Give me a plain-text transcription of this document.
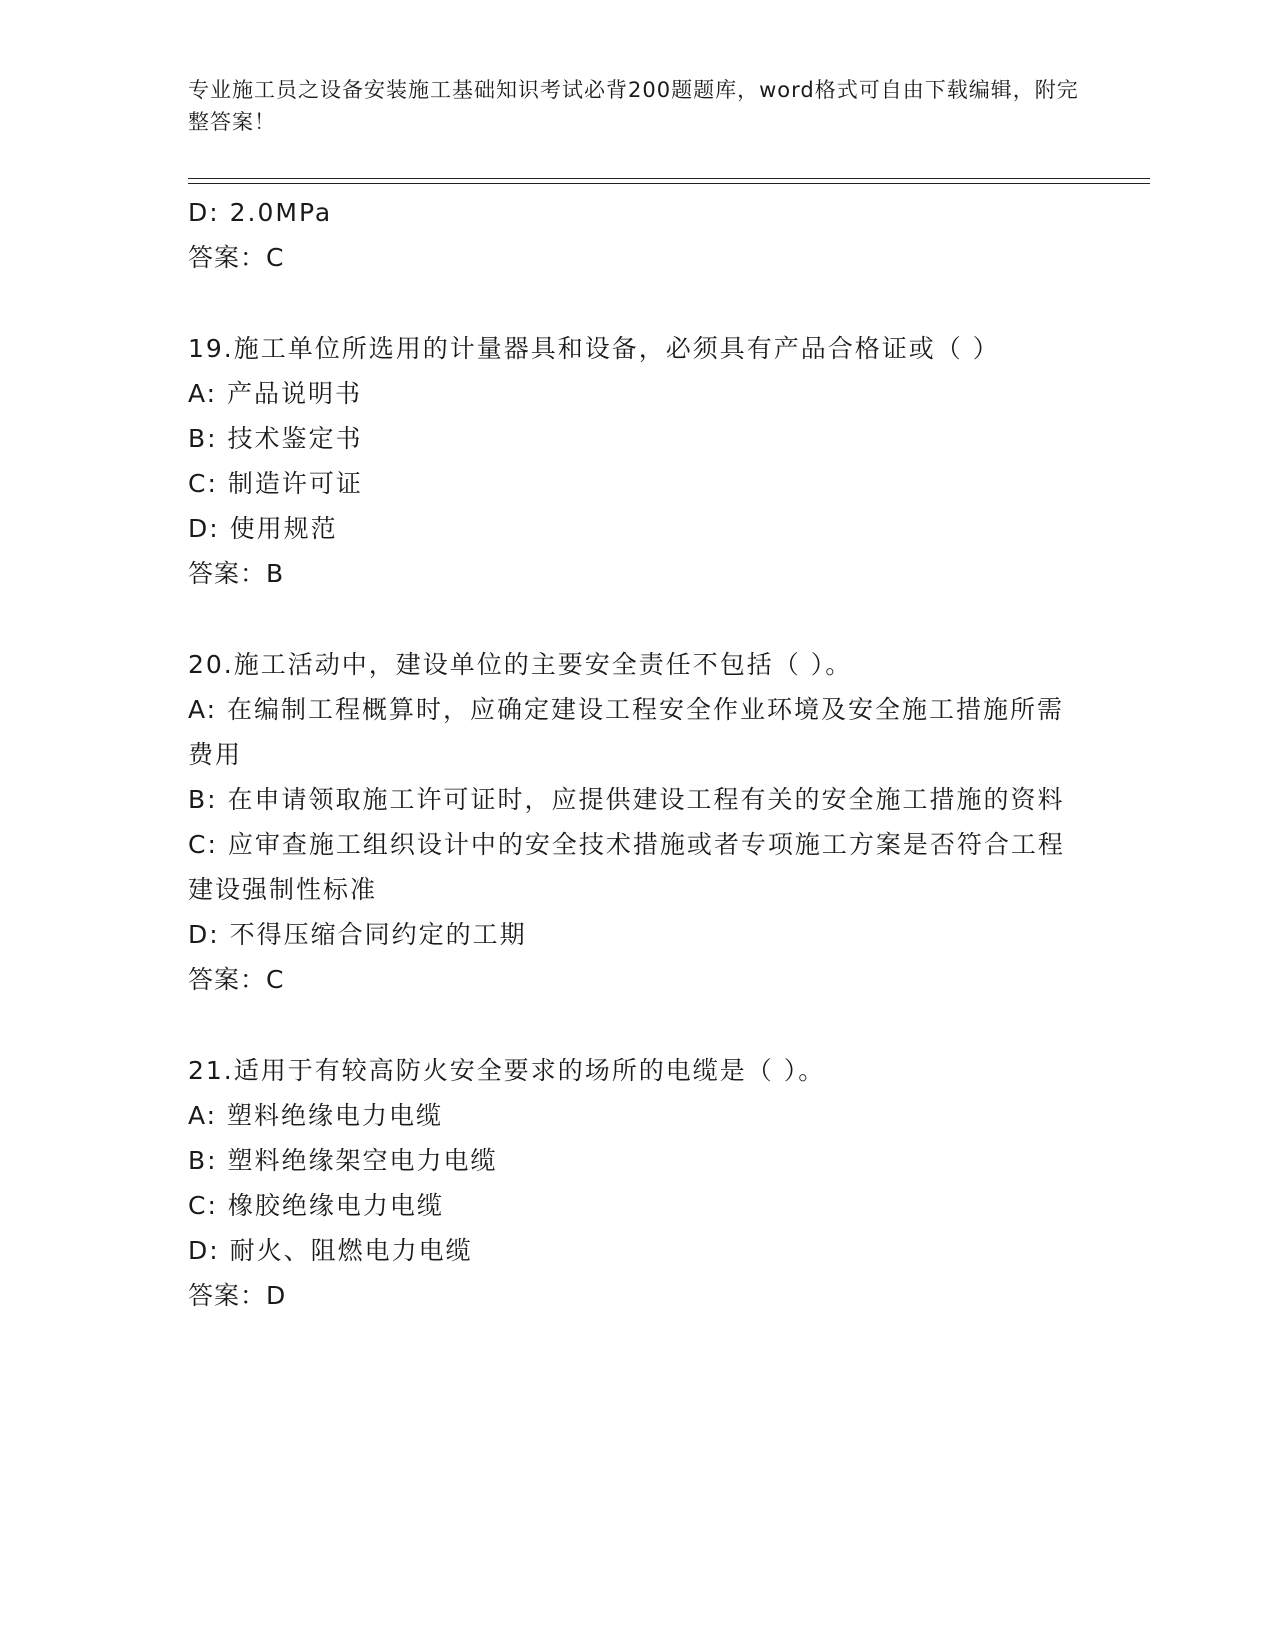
专业施工员之设备安装施工基础知识考试必背200题题库，word格式可自由下载编辑，附完整答案！
D: 2.0MPa
答案：C
19.施工单位所选用的计量器具和设备，必须具有产品合格证或（ ）
A: 产品说明书
B: 技术鉴定书
C: 制造许可证
D: 使用规范
答案：B
20.施工活动中，建设单位的主要安全责任不包括（ ）。
A: 在编制工程概算时，应确定建设工程安全作业环境及安全施工措施所需费用
B: 在申请领取施工许可证时，应提供建设工程有关的安全施工措施的资料
C: 应审查施工组织设计中的安全技术措施或者专项施工方案是否符合工程建设强制性标准
D: 不得压缩合同约定的工期
答案：C
21.适用于有较高防火安全要求的场所的电缆是（ ）。
A: 塑料绝缘电力电缆
B: 塑料绝缘架空电力电缆
C: 橡胶绝缘电力电缆
D: 耐火、阻燃电力电缆
答案：D
